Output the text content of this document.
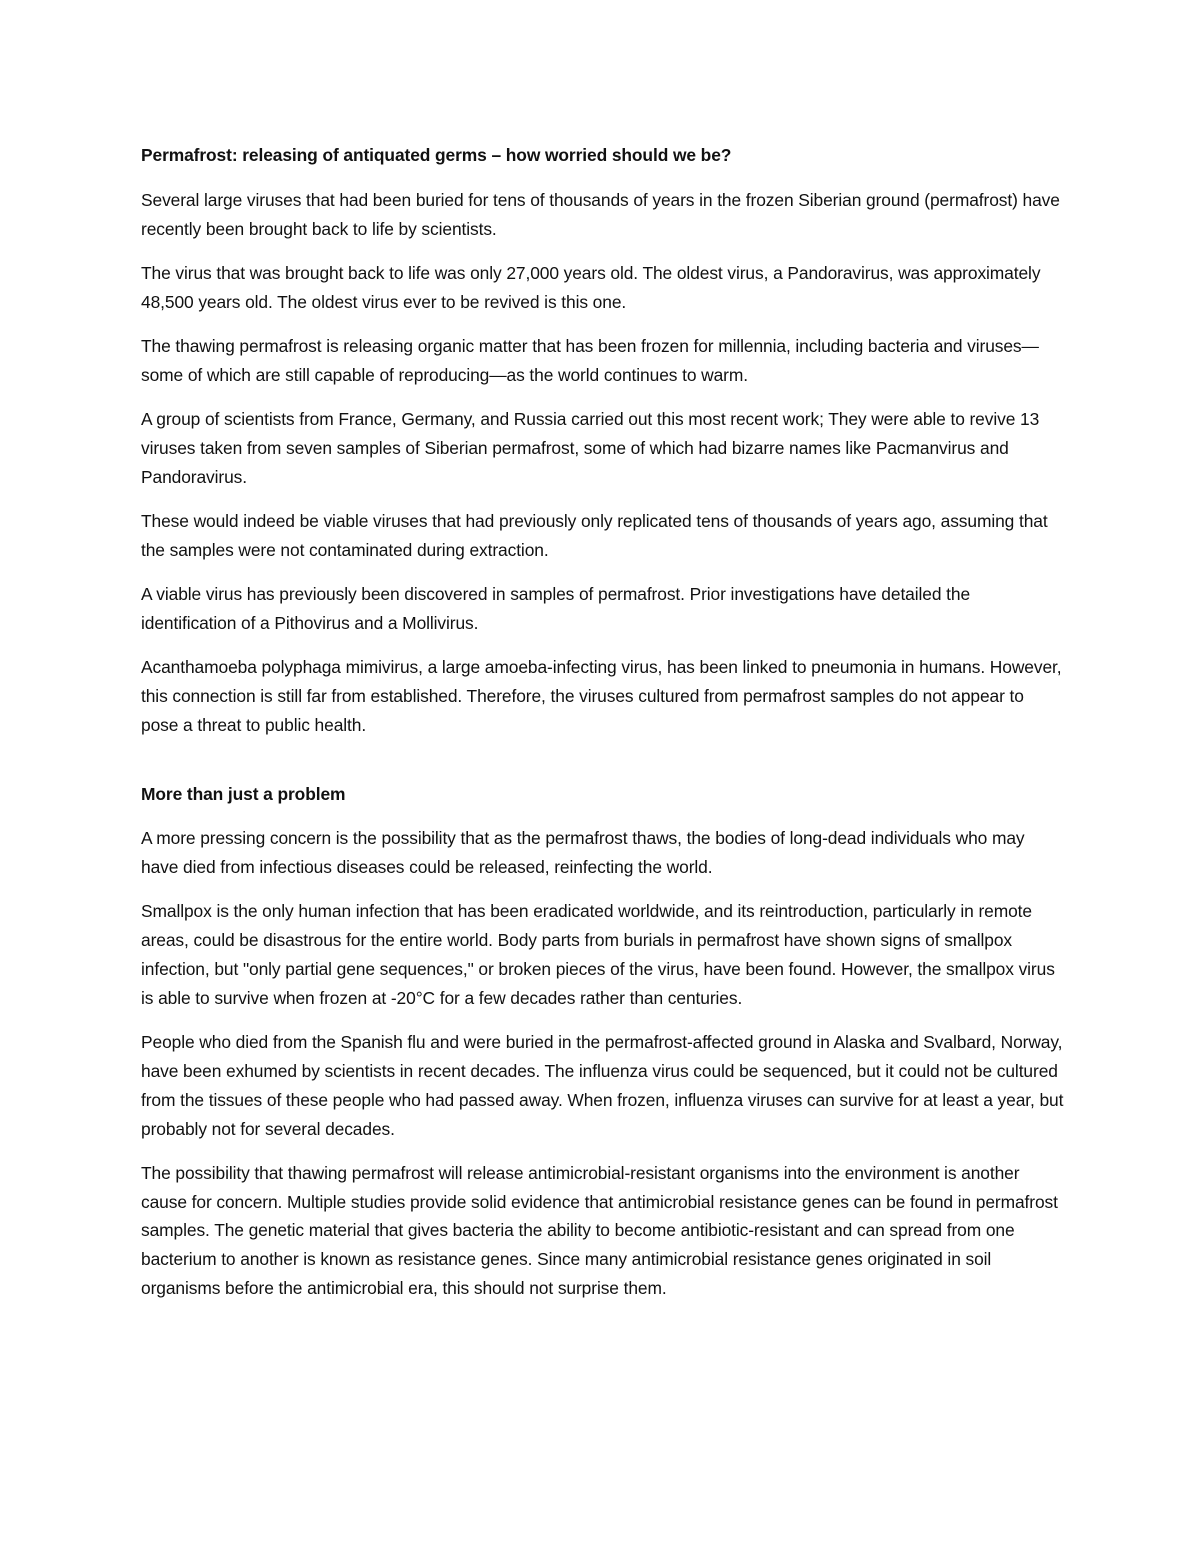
Permafrost: releasing of antiquated germs – how worried should we be?
Several large viruses that had been buried for tens of thousands of years in the frozen Siberian ground (permafrost) have recently been brought back to life by scientists.
The virus that was brought back to life was only 27,000 years old. The oldest virus, a Pandoravirus, was approximately 48,500 years old. The oldest virus ever to be revived is this one.
The thawing permafrost is releasing organic matter that has been frozen for millennia, including bacteria and viruses—some of which are still capable of reproducing—as the world continues to warm.
A group of scientists from France, Germany, and Russia carried out this most recent work; They were able to revive 13 viruses taken from seven samples of Siberian permafrost, some of which had bizarre names like Pacmanvirus and Pandoravirus.
These would indeed be viable viruses that had previously only replicated tens of thousands of years ago, assuming that the samples were not contaminated during extraction.
A viable virus has previously been discovered in samples of permafrost. Prior investigations have detailed the identification of a Pithovirus and a Mollivirus.
Acanthamoeba polyphaga mimivirus, a large amoeba-infecting virus, has been linked to pneumonia in humans. However, this connection is still far from established. Therefore, the viruses cultured from permafrost samples do not appear to pose a threat to public health.
More than just a problem
A more pressing concern is the possibility that as the permafrost thaws, the bodies of long-dead individuals who may have died from infectious diseases could be released, reinfecting the world.
Smallpox is the only human infection that has been eradicated worldwide, and its reintroduction, particularly in remote areas, could be disastrous for the entire world. Body parts from burials in permafrost have shown signs of smallpox infection, but "only partial gene sequences," or broken pieces of the virus, have been found. However, the smallpox virus is able to survive when frozen at -20°C for a few decades rather than centuries.
People who died from the Spanish flu and were buried in the permafrost-affected ground in Alaska and Svalbard, Norway, have been exhumed by scientists in recent decades. The influenza virus could be sequenced, but it could not be cultured from the tissues of these people who had passed away. When frozen, influenza viruses can survive for at least a year, but probably not for several decades.
The possibility that thawing permafrost will release antimicrobial-resistant organisms into the environment is another cause for concern. Multiple studies provide solid evidence that antimicrobial resistance genes can be found in permafrost samples. The genetic material that gives bacteria the ability to become antibiotic-resistant and can spread from one bacterium to another is known as resistance genes. Since many antimicrobial resistance genes originated in soil organisms before the antimicrobial era, this should not surprise them.
